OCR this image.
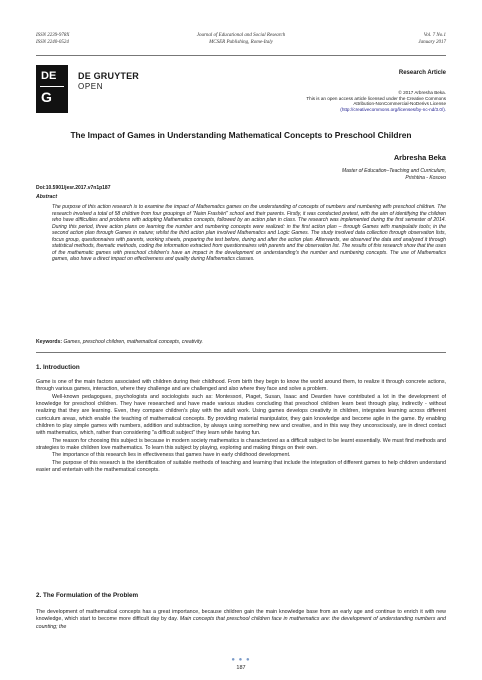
ISSN 2239-978X
ISSN 2240-0524
Journal of Educational and Social Research
MCSER Publishing, Rome-Italy
Vol. 7 No.1
January 2017
DE
G
DE GRUYTER
OPEN
Research Article
© 2017 Arbresha Beka.
This is an open access article licensed under the Creative Commons
Attribution-NonCommercial-NoDerivs License
(http://creativecommons.org/licenses/by-nc-nd/3.0/).
The Impact of Games in Understanding Mathematical Concepts to Preschool Children
Arbresha Beka
Master of Education–Teaching and Curriculum,
Prishtina - Kosovo
Doi:10.5901/jesr.2017.v7n1p187
Abstract
The purpose of this action research is to examine the impact of Mathematics games on the understanding of concepts of numbers and numbering with preschool children. The research involved a total of 58 children from four groupings of "Naim Frashëri" school and their parents. Firstly, it was conducted pretest, with the aim of identifying the children who have difficulties and problems with adopting Mathematics concepts, followed by an action plan in class. The research was implemented during the first semester of 2014. During this period, three action plans on learning the number and numbering concepts were realized: in the first action plan – through Games with manipulativ tools; in the second action plan through Games in nature; whilst the third action plan involved Mathematics and Logic Games. The study involved data collection through observation lists, focus group, questionnaires with parents, working sheets, preparing the test before, during and after the action plan. Afterwards, we observed the data and analyzed it through statistical methods, thematic methods, coding the information extracted from questionnaires with parents and the observation list. The results of this research show that the uses of the mathematic games with preschool children's have an impact in the development on understanding's the number and numbering concepts. The use of Mathematics games, also have a direct impact on effectiveness and quality during Mathematics classes.
Keywords: Games, preschool children, mathematical concepts, creativity.
1. Introduction
Game is one of the main factors associated with children during their childhood. From birth they begin to know the world around them, to realize it through concrete actions, through various games, interaction, where they challenge and are challenged and also where they face and solve a problem.
Well-known pedagogues, psychologists and sociologists such as: Montessori, Piaget, Susan, Isaac and Dearden have contributed a lot in the development of knowledge for preschool children. They have researched and have made various studies concluding that preschool children learn best through play, indirectly - without realizing that they are learning. Even, they compare children's play with the adult work. Using games develops creativity in children, integrates learning across different curriculum areas, which enable the teaching of mathematical concepts. By providing material manipulator, they gain knowledge and become agile in the game. By enabling children to play simple games with numbers, addition and subtraction, by always using something new and creative, and in this way they unconsciously, are in direct contact with mathematics, which, rather than considering "a difficult subject" they learn while having fun.
The reason for choosing this subject is because in modern society mathematics is characterized as a difficult subject to be learnt essentially. We must find methods and strategies to make children love mathematics. To learn this subject by playing, exploring and making things on their own.
The importance of this research lies in effectiveness that games have in early childhood development.
The purpose of this research is the identification of suitable methods of teaching and learning that include the integration of different games to help children understand easier and entertain with the mathematical concepts.
2. The Formulation of the Problem
The development of mathematical concepts has a great importance, because children gain the main knowledge base from an early age and continue to enrich it with new knowledge, which start to become more difficult day by day. Main concepts that preschool children face in mathematics are: the development of understanding numbers and counting; the
● ● ●
187
